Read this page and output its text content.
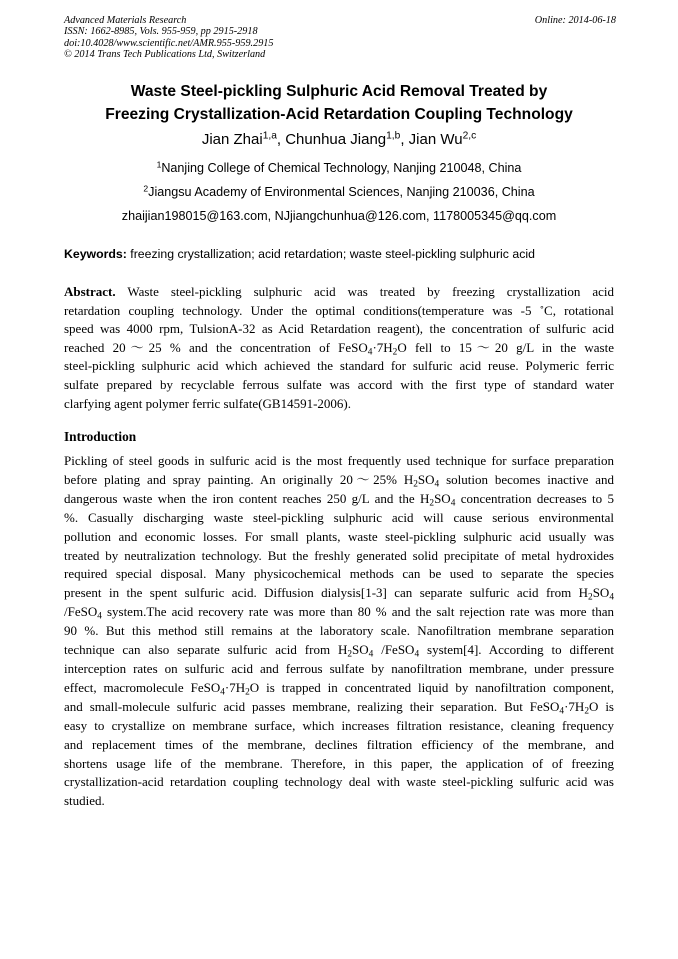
Advanced Materials Research
ISSN: 1662-8985, Vols. 955-959, pp 2915-2918
doi:10.4028/www.scientific.net/AMR.955-959.2915
© 2014 Trans Tech Publications Ltd, Switzerland
Online: 2014-06-18
Waste Steel-pickling Sulphuric Acid Removal Treated by
Freezing Crystallization-Acid Retardation Coupling Technology
Jian Zhai$^{1,a}$, Chunhua Jiang$^{1,b}$, Jian Wu$^{2,c}$
$^1$Nanjing College of Chemical Technology, Nanjing 210048, China
$^2$Jiangsu Academy of Environmental Sciences, Nanjing 210036, China
zhaijian198015@163.com, NJjiangchunhua@126.com, 1178005345@qq.com
Keywords: freezing crystallization; acid retardation; waste steel-pickling sulphuric acid
Abstract. Waste steel-pickling sulphuric acid was treated by freezing crystallization acid
retardation coupling technology. Under the optimal conditions(temperature was -5 ˚C, rotational
speed was 4000 rpm, TulsionA-32 as Acid Retardation reagent), the concentration of sulfuric acid
reached 20～25 % and the concentration of $FeSO_4\cdot 7H_2O$ fell to 15～20 g/L in the waste
steel-pickling sulphuric acid which achieved the standard for sulfuric acid reuse. Polymeric ferric
sulfate prepared by recyclable ferrous sulfate was accord with the first type of standard water
clarfying agent polymer ferric sulfate(GB14591-2006).
Introduction
Pickling of steel goods in sulfuric acid is the most frequently used technique for surface preparation
before plating and spray painting. An originally 20～25% $H_2SO_4$ solution becomes inactive and
dangerous waste when the iron content reaches 250 g/L and the $H_2SO_4$ concentration decreases to 5
%. Casually discharging waste steel-pickling sulphuric acid will cause serious environmental
pollution and economic losses. For small plants, waste steel-pickling sulphuric acid usually was
treated by neutralization technology. But the freshly generated solid precipitate of metal hydroxides
required special disposal. Many physicochemical methods can be used to separate the species
present in the spent sulfuric acid. Diffusion dialysis[1-3] can separate sulfuric acid from $H_2SO_4$
/FeSO$_4$ system.The acid recovery rate was more than 80 % and the salt rejection rate was more than
90 %. But this method still remains at the laboratory scale. Nanofiltration membrane separation
technique can also separate sulfuric acid from $H_2SO_4$ /FeSO$_4$ system[4]. According to different
interception rates on sulfuric acid and ferrous sulfate by nanofiltration membrane, under pressure
effect, macromolecule $FeSO_4\cdot 7H_2O$ is trapped in concentrated liquid by nanofiltration component,
and small-molecule sulfuric acid passes membrane, realizing their separation. But $FeSO_4\cdot 7H_2O$ is
easy to crystallize on membrane surface, which increases filtration resistance, cleaning frequency
and replacement times of the membrane, declines filtration efficiency of the membrane, and
shortens usage life of the membrane. Therefore, in this paper, the application of of freezing
crystallization-acid retardation coupling technology deal with waste steel-pickling sulfuric acid was
studied.
